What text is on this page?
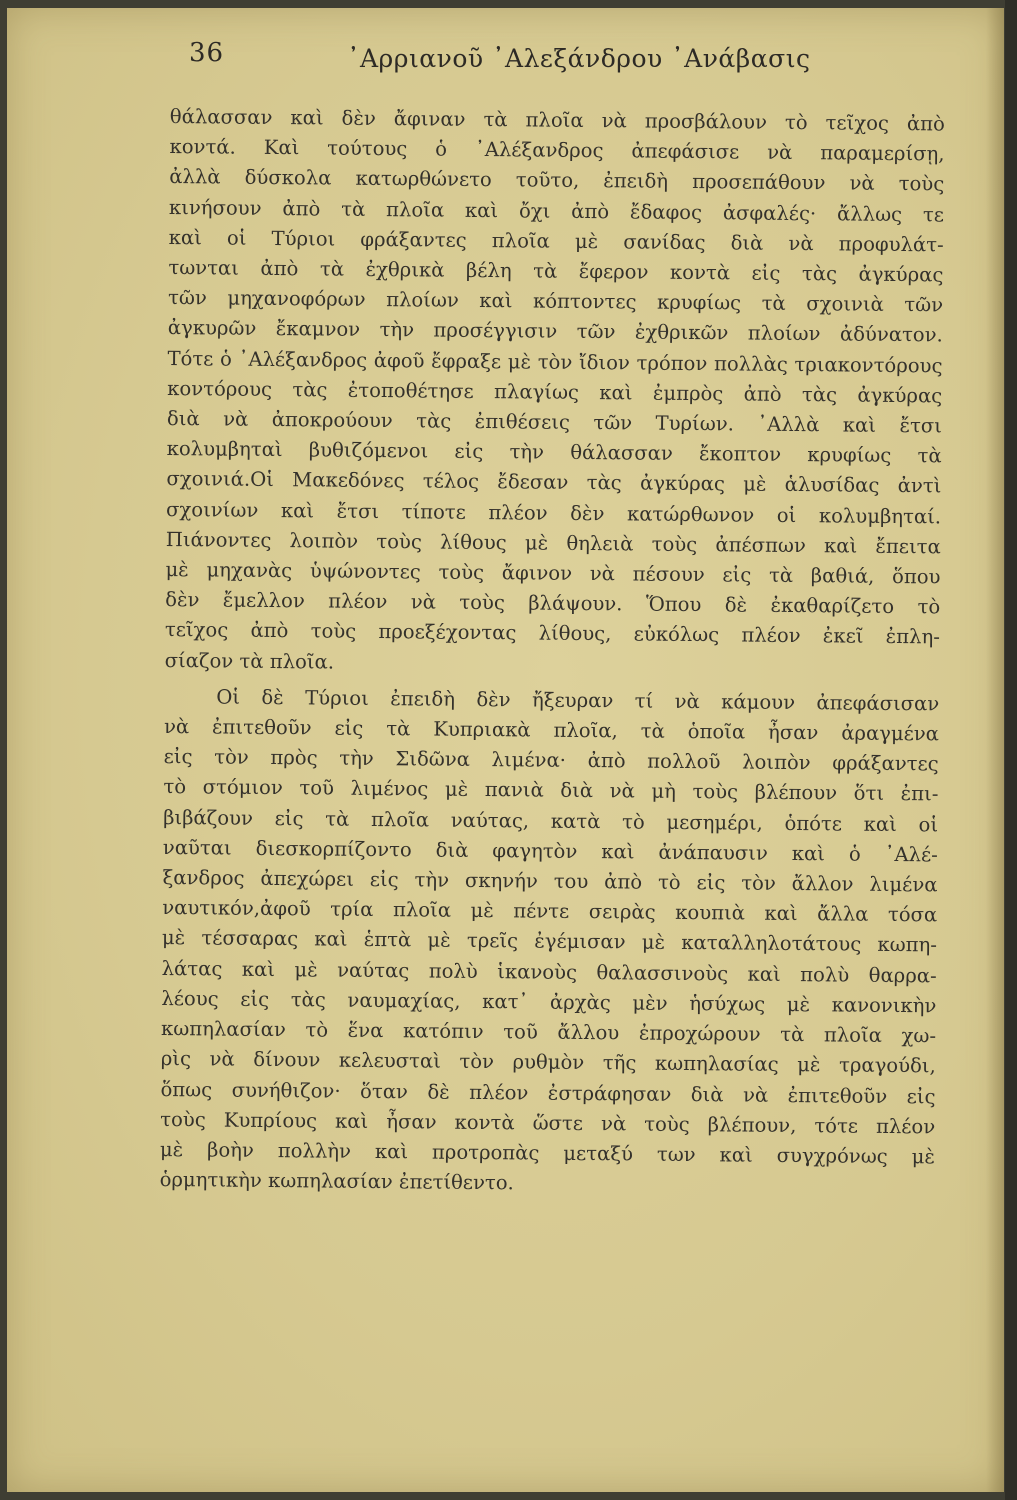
36	᾿Αρριανοῦ ᾿Αλεξάνδρου ᾿Ανάβασις
θάλασσαν καὶ δὲν ἄφιναν τὰ πλοῖα νὰ προσβάλουν τὸ τεῖχος ἀπὸ
κοντά. Καὶ τούτους ὁ ᾿Αλέξανδρος ἀπεφάσισε νὰ παραμερίσῃ,
ἀλλὰ δύσκολα κατωρθώνετο τοῦτο, ἐπειδὴ προσεπάθουν νὰ τοὺς
κινήσουν ἀπὸ τὰ πλοῖα καὶ ὄχι ἀπὸ ἔδαφος ἀσφαλές· ἄλλως τε
καὶ οἱ Τύριοι φράξαντες πλοῖα μὲ σανίδας διὰ νὰ προφυλάτ-
τωνται ἀπὸ τὰ ἐχθρικὰ βέλη τὰ ἔφερον κοντὰ εἰς τὰς ἀγκύρας
τῶν μηχανοφόρων πλοίων καὶ κόπτοντες κρυφίως τὰ σχοινιὰ τῶν
ἀγκυρῶν ἔκαμνον τὴν προσέγγισιν τῶν ἐχθρικῶν πλοίων ἀδύνατον.
Τότε ὁ ᾿Αλέξανδρος ἀφοῦ ἔφραξε μὲ τὸν ἴδιον τρόπον πολλὰς τριακοντόρους
κοντόρους τὰς ἐτοποθέτησε πλαγίως καὶ ἐμπρὸς ἀπὸ τὰς ἀγκύρας
διὰ νὰ ἀποκρούουν τὰς ἐπιθέσεις τῶν Τυρίων. ᾿Αλλὰ καὶ ἔτσι
κολυμβηταὶ βυθιζόμενοι εἰς τὴν θάλασσαν ἔκοπτον κρυφίως τὰ
σχοινιά.Οἱ Μακεδόνες τέλος ἔδεσαν τὰς ἀγκύρας μὲ ἁλυσίδας ἀντὶ
σχοινίων καὶ ἔτσι τίποτε πλέον δὲν κατώρθωνον οἱ κολυμβηταί.
Πιάνοντες λοιπὸν τοὺς λίθους μὲ θηλειὰ τοὺς ἀπέσπων καὶ ἔπειτα
μὲ μηχανὰς ὑψώνοντες τοὺς ἄφινον νὰ πέσουν εἰς τὰ βαθιά, ὅπου
δὲν ἔμελλον πλέον νὰ τοὺς βλάψουν. Ὅπου δὲ ἐκαθαρίζετο τὸ
τεῖχος ἀπὸ τοὺς προεξέχοντας λίθους, εὐκόλως πλέον ἐκεῖ ἐπλη-
σίαζον τὰ πλοῖα.
Οἱ δὲ Τύριοι ἐπειδὴ δὲν ἤξευραν τί νὰ κάμουν ἀπεφάσισαν
νὰ ἐπιτεθοῦν εἰς τὰ Κυπριακὰ πλοῖα, τὰ ὁποῖα ἦσαν ἀραγμένα
εἰς τὸν πρὸς τὴν Σιδῶνα λιμένα· ἀπὸ πολλοῦ λοιπὸν φράξαντες
τὸ στόμιον τοῦ λιμένος μὲ πανιὰ διὰ νὰ μὴ τοὺς βλέπουν ὅτι ἐπι-
βιβάζουν εἰς τὰ πλοῖα ναύτας, κατὰ τὸ μεσημέρι, ὁπότε καὶ οἱ
ναῦται διεσκορπίζοντο διὰ φαγητὸν καὶ ἀνάπαυσιν καὶ ὁ ᾿Αλέ-
ξανδρος ἀπεχώρει εἰς τὴν σκηνήν του ἀπὸ τὸ εἰς τὸν ἄλλον λιμένα
ναυτικόν,ἀφοῦ τρία πλοῖα μὲ πέντε σειρὰς κουπιὰ καὶ ἄλλα τόσα
μὲ τέσσαρας καὶ ἑπτὰ μὲ τρεῖς ἐγέμισαν μὲ καταλληλοτάτους κωπη-
λάτας καὶ μὲ ναύτας πολὺ ἱκανοὺς θαλασσινοὺς καὶ πολὺ θαρρα-
λέους εἰς τὰς ναυμαχίας, κατ᾿ ἀρχὰς μὲν ἡσύχως μὲ κανονικὴν
κωπηλασίαν τὸ ἕνα κατόπιν τοῦ ἄλλου ἐπροχώρουν τὰ πλοῖα χω-
ρὶς νὰ δίνουν κελευσταὶ τὸν ρυθμὸν τῆς κωπηλασίας μὲ τραγούδι,
ὅπως συνήθιζον· ὅταν δὲ πλέον ἐστράφησαν διὰ νὰ ἐπιτεθοῦν εἰς
τοὺς Κυπρίους καὶ ἦσαν κοντὰ ὥστε νὰ τοὺς βλέπουν, τότε πλέον
μὲ βοὴν πολλὴν καὶ προτροπὰς μεταξύ των καὶ συγχρόνως μὲ
ὁρμητικὴν κωπηλασίαν ἐπετίθεντο.
